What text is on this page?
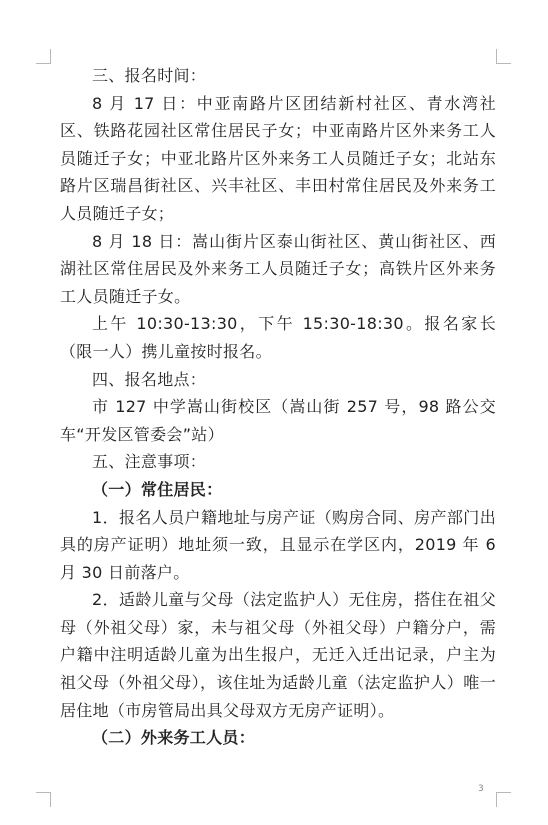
三、报名时间：

8 月 17 日：中亚南路片区团结新村社区、青水湾社区、铁路花园社区常住居民子女；中亚南路片区外来务工人员随迁子女；中亚北路片区外来务工人员随迁子女；北站东路片区瑞昌街社区、兴丰社区、丰田村常住居民及外来务工人员随迁子女；

8 月 18 日：嵩山街片区泰山街社区、黄山街社区、西湖社区常住居民及外来务工人员随迁子女；高铁片区外来务工人员随迁子女。

上午 10:30-13:30，下午 15:30-18:30。报名家长（限一人）携儿童按时报名。

四、报名地点：

市 127 中学嵩山街校区（嵩山街 257 号，98 路公交车“开发区管委会”站）

五、注意事项：

（一）常住居民：

1．报名人员户籍地址与房产证（购房合同、房产部门出具的房产证明）地址须一致，且显示在学区内，2019 年 6 月 30 日前落户。

2．适龄儿童与父母（法定监护人）无住房，搭住在祖父母（外祖父母）家，未与祖父母（外祖父母）户籍分户，需户籍中注明适龄儿童为出生报户，无迁入迁出记录，户主为祖父母（外祖父母），该住址为适龄儿童（法定监护人）唯一居住地（市房管局出具父母双方无房产证明）。

（二）外来务工人员：

3
